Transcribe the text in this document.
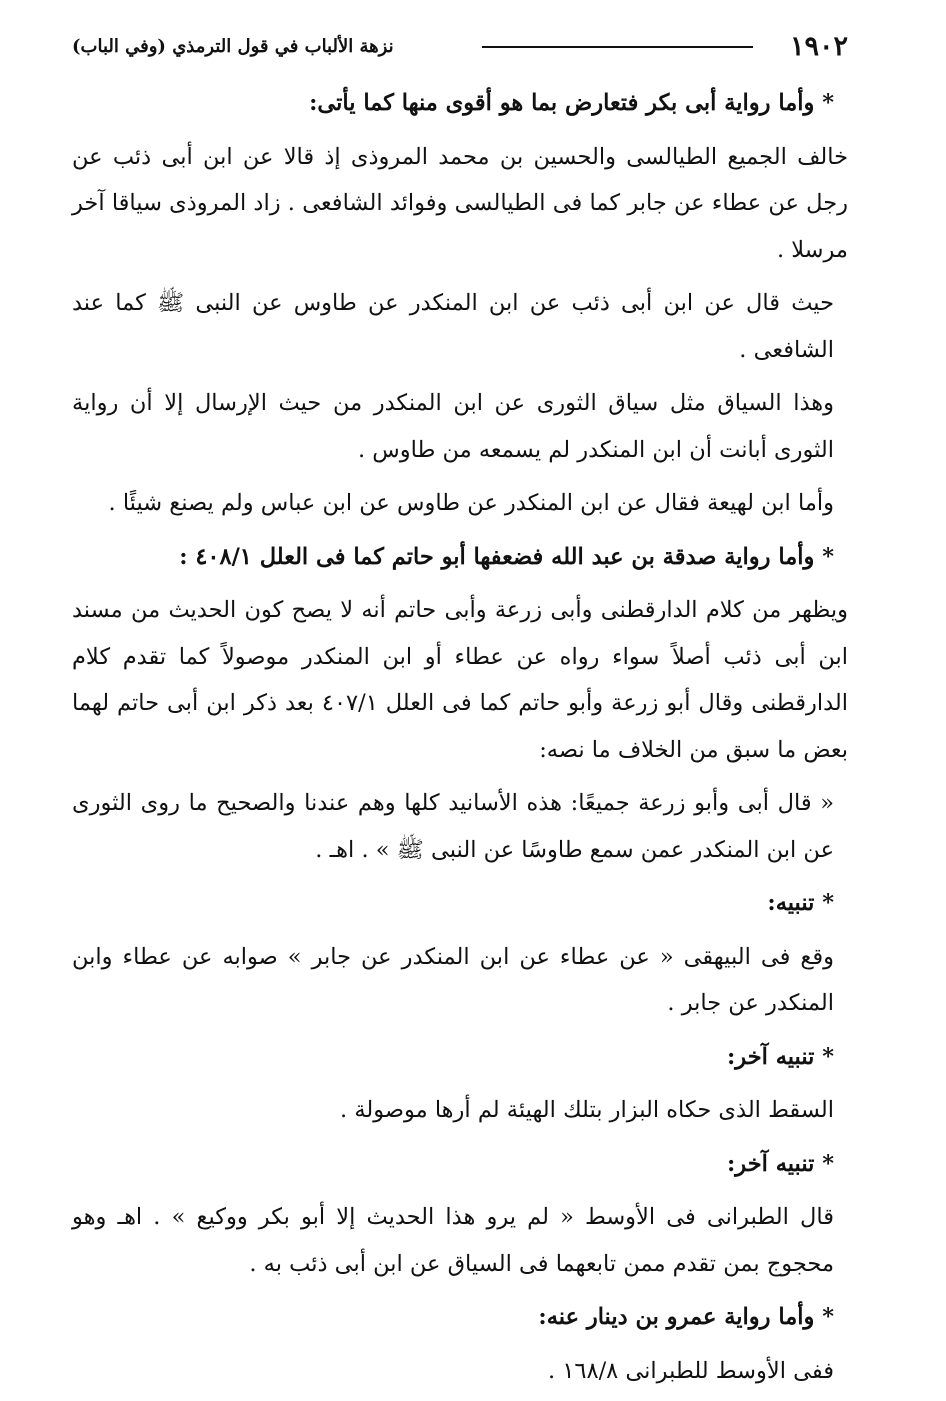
١٩٠٢
نزهة الألباب في قول الترمذي (وفي الباب)

* وأما رواية أبى بكر فتعارض بما هو أقوى منها كما يأتى:

خالف الجميع الطيالسى والحسين بن محمد المروذى إذ قالا عن ابن أبى ذئب عن رجل عن عطاء عن جابر كما فى الطيالسى وفوائد الشافعى . زاد المروذى سياقا آخر مرسلا .

حيث قال عن ابن أبى ذئب عن ابن المنكدر عن طاوس عن النبى ﷺ كما عند الشافعى .

وهذا السياق مثل سياق الثورى عن ابن المنكدر من حيث الإرسال إلا أن رواية الثورى أبانت أن ابن المنكدر لم يسمعه من طاوس .

وأما ابن لهيعة فقال عن ابن المنكدر عن طاوس عن ابن عباس ولم يصنع شيئًا .

* وأما رواية صدقة بن عبد الله فضعفها أبو حاتم كما فى العلل ٤٠٨/١ :

ويظهر من كلام الدارقطنى وأبى زرعة وأبى حاتم أنه لا يصح كون الحديث من مسند ابن أبى ذئب أصلاً سواء رواه عن عطاء أو ابن المنكدر موصولاً كما تقدم كلام الدارقطنى وقال أبو زرعة وأبو حاتم كما فى العلل ٤٠٧/١ بعد ذكر ابن أبى حاتم لهما بعض ما سبق من الخلاف ما نصه:

« قال أبى وأبو زرعة جميعًا: هذه الأسانيد كلها وهم عندنا والصحيح ما روى الثورى عن ابن المنكدر عمن سمع طاوسًا عن النبى ﷺ » . اهـ .

* تنبيه:

وقع فى البيهقى « عن عطاء عن ابن المنكدر عن جابر » صوابه عن عطاء وابن المنكدر عن جابر .

* تنبيه آخر:

السقط الذى حكاه البزار بتلك الهيئة لم أرها موصولة .

* تنبيه آخر:

قال الطبرانى فى الأوسط « لم يرو هذا الحديث إلا أبو بكر ووكيع » . اهـ وهو محجوج بمن تقدم ممن تابعهما فى السياق عن ابن أبى ذئب به .

* وأما رواية عمرو بن دينار عنه:

ففى الأوسط للطبرانى ١٦٨/٨ .
